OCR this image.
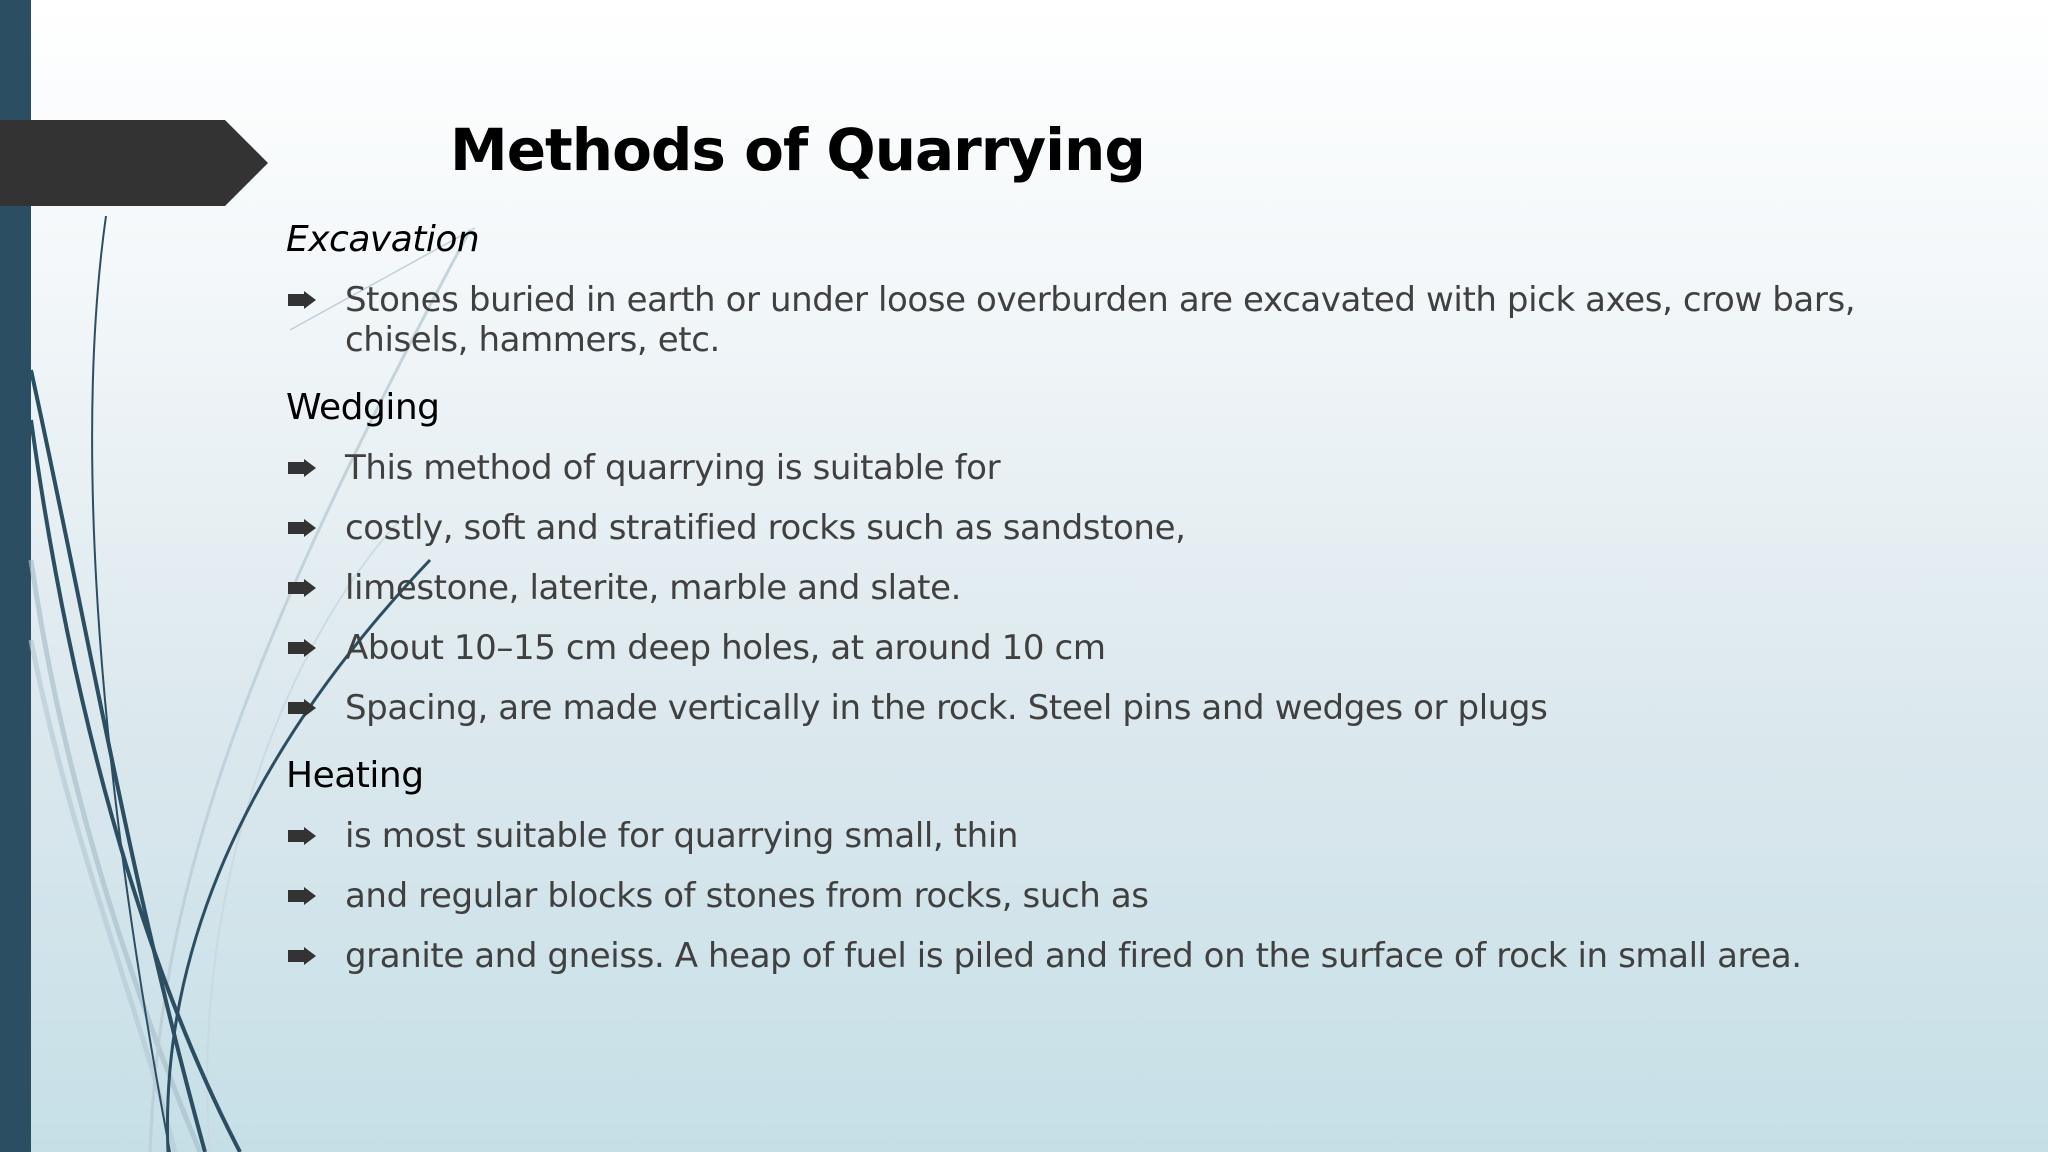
Methods of Quarrying

Excavation

Stones buried in earth or under loose overburden are excavated with pick axes, crow bars, chisels, hammers, etc.

Wedging

This method of quarrying is suitable for
costly, soft and stratified rocks such as sandstone,
limestone, laterite, marble and slate.
About 10–15 cm deep holes, at around 10 cm
Spacing, are made vertically in the rock. Steel pins and wedges or plugs

Heating

is most suitable for quarrying small, thin
and regular blocks of stones from rocks, such as
granite and gneiss. A heap of fuel is piled and fired on the surface of rock in small area.
